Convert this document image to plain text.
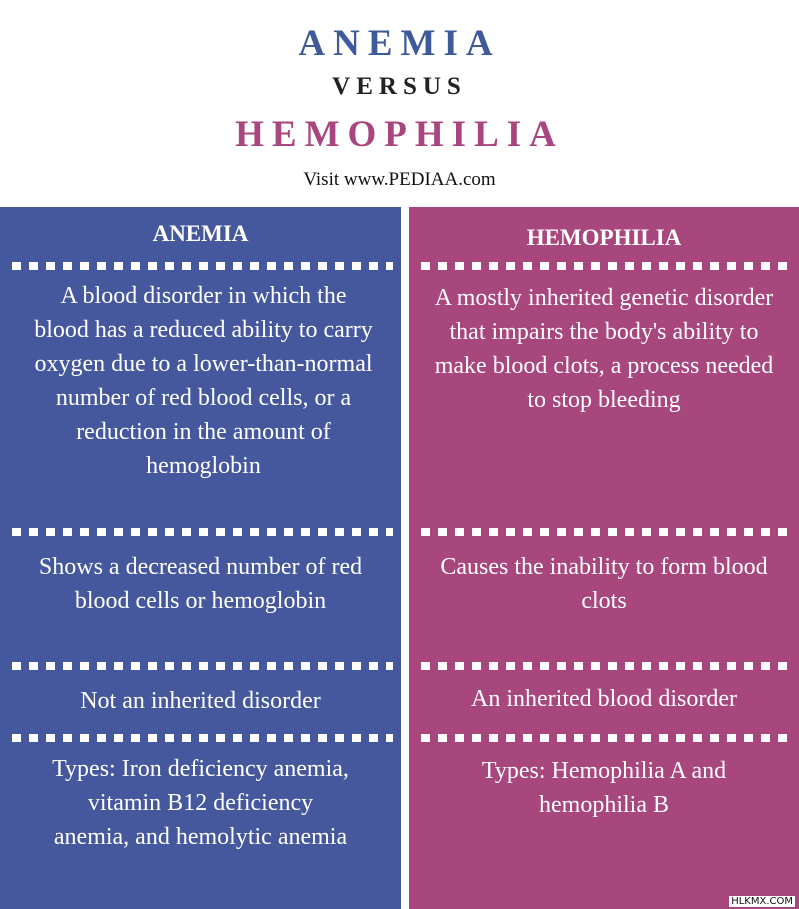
ANEMIA
VERSUS
HEMOPHILIA
Visit www.PEDIAA.com
ANEMIA
A blood disorder in which the blood has a reduced ability to carry oxygen due to a lower-than-normal number of red blood cells, or a reduction in the amount of hemoglobin
Shows a decreased number of red blood cells or hemoglobin
Not an inherited disorder
Types: Iron deficiency anemia, vitamin B12 deficiency anemia, and hemolytic anemia
HEMOPHILIA
A mostly inherited genetic disorder that impairs the body's ability to make blood clots, a process needed to stop bleeding
Causes the inability to form blood clots
An inherited blood disorder
Types: Hemophilia A and hemophilia B
HLKMX.COM
